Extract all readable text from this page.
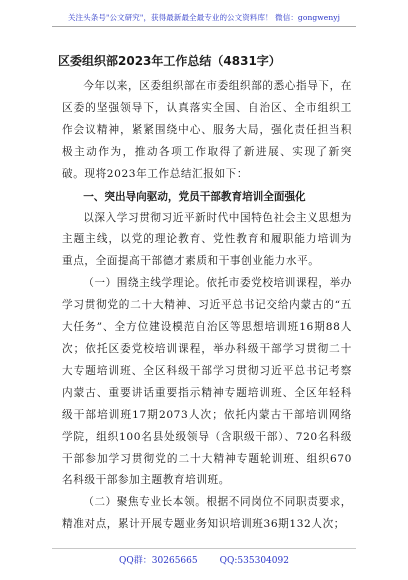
关注头条号"公文研究"，获得最新最全最专业的公文资料库！ 微信：gongwenyj
区委组织部2023年工作总结（4831字）

今年以来，区委组织部在市委组织部的悉心指导下，在区委的坚强领导下，认真落实全国、自治区、全市组织工作会议精神，紧紧围绕中心、服务大局，强化责任担当积极主动作为，推动各项工作取得了新进展、实现了新突破。现将2023年工作总结汇报如下：

一、突出导向驱动，党员干部教育培训全面强化

以深入学习贯彻习近平新时代中国特色社会主义思想为主题主线，以党的理论教育、党性教育和履职能力培训为重点，全面提高干部德才素质和干事创业能力水平。

（一）围绕主线学理论。依托市委党校培训课程，举办学习贯彻党的二十大精神、习近平总书记交给内蒙古的“五大任务”、全方位建设模范自治区等思想培训班16期88人次；依托区委党校培训课程，举办科级干部学习贯彻二十大专题培训班、全区科级干部学习贯彻习近平总书记考察内蒙古、重要讲话重要指示精神专题培训班、全区年轻科级干部培训班17期2073人次；依托内蒙古干部培训网络学院，组织100名县处级领导（含职级干部）、720名科级干部参加学习贯彻党的二十大精神专题轮训班、组织670名科级干部参加主题教育培训班。

（二）聚焦专业长本领。根据不同岗位不同职责要求，精准对点，累计开展专题业务知识培训班36期132人次；

QQ群：30265665 QQ:535304092
